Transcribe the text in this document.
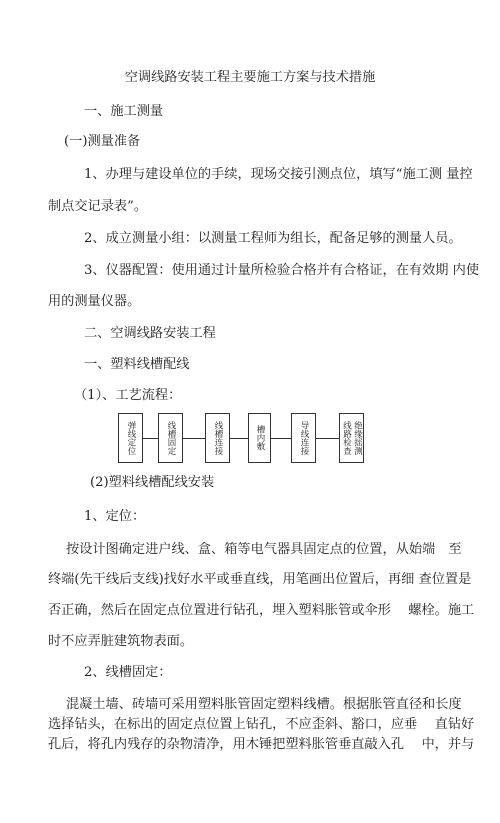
空调线路安装工程主要施工方案与技术措施
一、施工测量
(一)测量准备
1、办理与建设单位的手续，现场交接引测点位，填写“施工测 量控
制点交记录表”。
2、成立测量小组：以测量工程师为组长，配备足够的测量人员。
3、仪器配置：使用通过计量所检验合格并有合格证，在有效期 内使
用的测量仪器。
二、空调线路安装工程
一、塑料线槽配线
（1）、工艺流程：
弹线定位	线槽固定	线槽连接	槽内敷	导线连接	线路检查 绝缘摇测
(2)塑料线槽配线安装
1、定位：
按设计图确定进户线、盒、箱等电气器具固定点的位置，从始端　至
终端(先干线后支线)找好水平或垂直线，用笔画出位置后，再细 查位置是
否正确，然后在固定点位置进行钻孔，埋入塑料胀管或伞形　 螺栓。施工
时不应弄脏建筑物表面。
2、线槽固定：
混凝土墙、砖墙可采用塑料胀管固定塑料线槽。根据胀管直径和长度
选择钻头，在标出的固定点位置上钻孔，不应歪斜、豁口，应垂　 直钻好
孔后，将孔内残存的杂物清净，用木锤把塑料胀管垂直敲入孔　 中，并与
